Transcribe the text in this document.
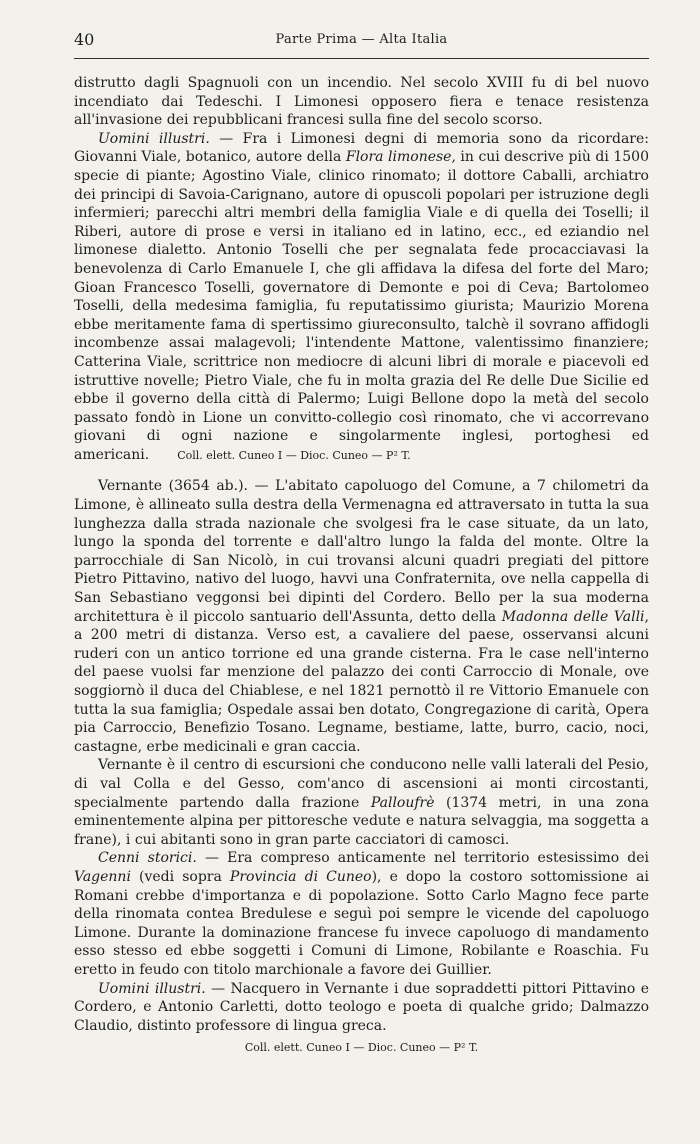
40	Parte Prima — Alta Italia

distrutto dagli Spagnuoli con un incendio. Nel secolo XVIII fu di bel nuovo incendiato dai Tedeschi. I Limonesi opposero fiera e tenace resistenza all'invasione dei repubblicani francesi sulla fine del secolo scorso.

Uomini illustri. — Fra i Limonesi degni di memoria sono da ricordare: Giovanni Viale, botanico, autore della Flora limonese, in cui descrive più di 1500 specie di piante; Agostino Viale, clinico rinomato; il dottore Caballi, archiatro dei principi di Savoia-Carignano, autore di opuscoli popolari per istruzione degli infermieri; parecchi altri membri della famiglia Viale e di quella dei Toselli; il Riberi, autore di prose e versi in italiano ed in latino, ecc., ed eziandio nel limonese dialetto. Antonio Toselli che per segnalata fede procacciavasi la benevolenza di Carlo Emanuele I, che gli affidava la difesa del forte del Maro; Gioan Francesco Toselli, governatore di Demonte e poi di Ceva; Bartolomeo Toselli, della medesima famiglia, fu reputatissimo giurista; Maurizio Morena ebbe meritamente fama di spertissimo giureconsulto, talchè il sovrano affidogli incombenze assai malagevoli; l'intendente Mattone, valentissimo finanziere; Catterina Viale, scrittrice non mediocre di alcuni libri di morale e piacevoli ed istruttive novelle; Pietro Viale, che fu in molta grazia del Re delle Due Sicilie ed ebbe il governo della città di Palermo; Luigi Bellone dopo la metà del secolo passato fondò in Lione un convitto-collegio così rinomato, che vi accorrevano giovani di ogni nazione e singolarmente inglesi, portoghesi ed americani.	Coll. elett. Cuneo I — Dioc. Cuneo — P² T.

Vernante (3654 ab.). — L'abitato capoluogo del Comune, a 7 chilometri da Limone, è allineato sulla destra della Vermenagna ed attraversato in tutta la sua lunghezza dalla strada nazionale che svolgesi fra le case situate, da un lato, lungo la sponda del torrente e dall'altro lungo la falda del monte. Oltre la parrocchiale di San Nicolò, in cui trovansi alcuni quadri pregiati del pittore Pietro Pittavino, nativo del luogo, havvi una Confraternita, ove nella cappella di San Sebastiano veggonsi bei dipinti del Cordero. Bello per la sua moderna architettura è il piccolo santuario dell'Assunta, detto della Madonna delle Valli, a 200 metri di distanza. Verso est, a cavaliere del paese, osservansi alcuni ruderi con un antico torrione ed una grande cisterna. Fra le case nell'interno del paese vuolsi far menzione del palazzo dei conti Carroccio di Monale, ove soggiornò il duca del Chiablese, e nel 1821 pernottò il re Vittorio Emanuele con tutta la sua famiglia; Ospedale assai ben dotato, Congregazione di carità, Opera pia Carroccio, Benefizio Tosano. Legname, bestiame, latte, burro, cacio, noci, castagne, erbe medicinali e gran caccia.

Vernante è il centro di escursioni che conducono nelle valli laterali del Pesio, di val Colla e del Gesso, com'anco di ascensioni ai monti circostanti, specialmente partendo dalla frazione Palloufrè (1374 metri, in una zona eminentemente alpina per pittoresche vedute e natura selvaggia, ma soggetta a frane), i cui abitanti sono in gran parte cacciatori di camosci.

Cenni storici. — Era compreso anticamente nel territorio estesissimo dei Vagenni (vedi sopra Provincia di Cuneo), e dopo la costoro sottomissione ai Romani crebbe d'importanza e di popolazione. Sotto Carlo Magno fece parte della rinomata contea Bredulese e seguì poi sempre le vicende del capoluogo Limone. Durante la dominazione francese fu invece capoluogo di mandamento esso stesso ed ebbe soggetti i Comuni di Limone, Robilante e Roaschia. Fu eretto in feudo con titolo marchionale a favore dei Guillier.

Uomini illustri. — Nacquero in Vernante i due sopraddetti pittori Pittavino e Cordero, e Antonio Carletti, dotto teologo e poeta di qualche grido; Dalmazzo Claudio, distinto professore di lingua greca.

Coll. elett. Cuneo I — Dioc. Cuneo — P² T.
